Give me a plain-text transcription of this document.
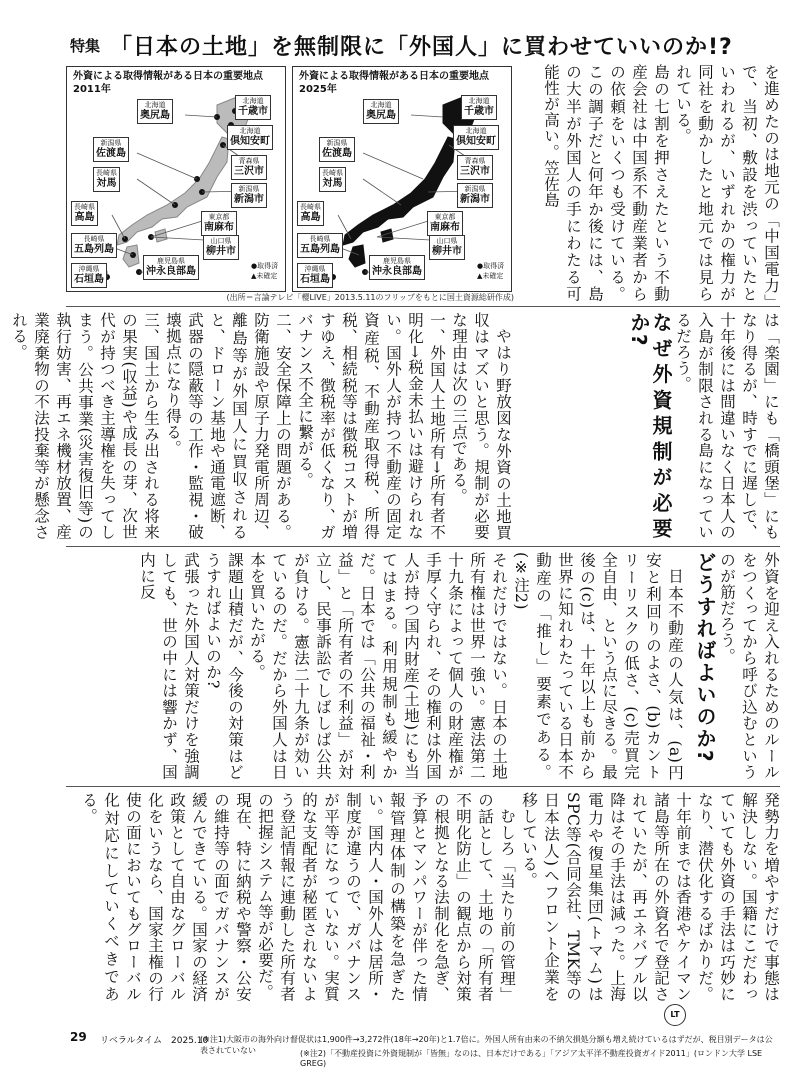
特集 「日本の土地」を無制限に「外国人」に買わせていいのか!?
外資による取得情報がある日本の重要地点
2011年
北海道
奥尻島
北海道
千歳市
北海道
倶知安町
新潟県
佐渡島
青森県
三沢市
長崎県
対馬	新潟県
新潟市
長崎県
高島	東京都
南麻布
長崎県
五島列島
山口県
柳井市
沖縄県
石垣島
鹿児島県
沖永良部島	●取得済
▲未確定
外資による取得情報がある日本の重要地点
2025年
北海道
奥尻島
北海道
千歳市
北海道
倶知安町
新潟県
佐渡島
青森県
三沢市
長崎県
対馬	新潟県
新潟市
長崎県
高島	東京都
南麻布
長崎県
五島列島
山口県
柳井市
沖縄県
石垣島
鹿児島県
沖永良部島	●取得済
▲未確定
(出所＝言論テレビ「櫻LIVE」2013.5.11のフリップをもとに国土資源総研作成)	を進めたのは地元の「中国電力」で、当初、敷設を渋っていたといわれるが、いずれかの権力が同社を動かしたと地元では見られている。
島の七割を押さえたという不動産会社は中国系不動産業者からの依頼をいくつも受けている。この調子だと何年か後には、島の大半が外国人の手にわたる可能性が高い。笠佐島

は「楽園」にも「橋頭堡」にもなり得るが、時すでに遅しで、十年後には間違いなく日本人の入島が制限される島になっているだろう。

なぜ外資規制が必要か?

やはり野放図な外資の土地買収はマズいと思う。規制が必要な理由は次の三点である。
一、外国人土地所有→所有者不明化→税金未払いは避けられない。国外人が持つ不動産の固定資産税、不動産取得税、所得税、相続税等は徴税コストが増すゆえ、徴税率が低くなり、ガバナンス不全に繋がる。
二、安全保障上の問題がある。防衛施設や原子力発電所周辺、離島等が外国人に買収されると、ドローン基地や通電遮断、武器の隠蔽等の工作・監視・破壊拠点になり得る。
三、国土から生み出される将来の果実(収益)や成長の芽、次世代が持つべき主導権を失ってしまう。公共事業(災害復旧等)の執行妨害、再エネ機材放置、産業廃棄物の不法投棄等が懸念される。

外資を迎え入れるためのルールをつくってから呼び込むというのが筋だろう。

どうすればよいのか?

日本不動産の人気は、(a)円安と利回りのよさ、(b)カントリーリスクの低さ、(c)売買完全自由、という点に尽きる。最後の(c)は、十年以上も前から世界に知れわたっている日本不動産の「推し」要素である。(※注2)
それだけではない。日本の土地所有権は世界一強い。憲法第二十九条によって個人の財産権が手厚く守られ、その権利は外国人が持つ国内財産(土地)にも当てはまる。利用規制も緩やかだ。日本では「公共の福祉・利益」と「所有者の不利益」が対立し、民事訴訟でしばしば公共が負ける。憲法二十九条が効いているのだ。だから外国人は日本を買いたがる。
課題山積だが、今後の対策はどうすればよいのか?
武張った外国人対策だけを強調しても、世の中には響かず、国内に反

発勢力を増やすだけで事態は解決しない。国籍にこだわっていても外資の手法は巧妙になり、潜伏化するばかりだ。十年前までは香港やケイマン諸島等所在の外資名で登記されていたが、再エネバブル以降はその手法は減った。上海電力や復星集団(トマム)はSPC等(合同会社、TMK等の日本法人)へフロント企業を移している。

むしろ「当たり前の管理」の話として、土地の「所有者不明化防止」の観点から対策の根拠となる法制化を急ぎ、予算とマンパワーが伴った情報管理体制の構築を急ぎたい。国内人・国外人は居所・制度が違うので、ガバナンスが平等になっていない。実質的な支配者が秘匿されないよう登記情報に連動した所有者の把握システム等が必要だ。
現在、特に納税や警察・公安の維持等の面でガバナンスが緩んできている。国家の経済政策として自由なグローバル化をいうなら、国家主権の行使の面においてもグローバル化対応にしていくべきである。

LT
29 リベラルタイム　2025.10
(※注1)大阪市の海外向け督促状は1,900件→3,272件(18年→20年)と1.7倍に。外国人所有由来の不納欠損処分額も増え続けているはずだが、税目別データは公表されていない	(※注2)「不動産投資に外資規制が「皆無」なのは、日本だけである」「アジア太平洋不動産投資ガイド2011」(ロンドン大学 LSE GREG)
